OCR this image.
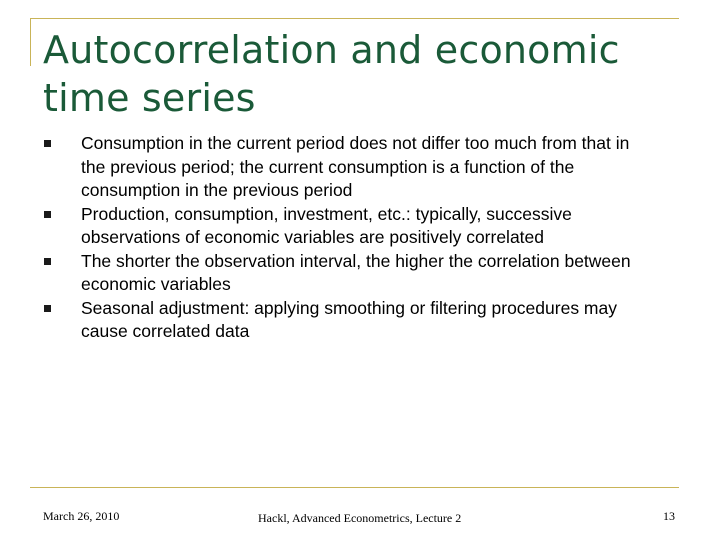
Autocorrelation and economic time series
Consumption in the current period does not differ too much from that in the previous period; the current consumption is a function of the consumption in the previous period
Production, consumption, investment, etc.: typically, successive observations of economic variables are positively correlated
The shorter the observation interval, the higher the correlation between economic variables
Seasonal adjustment: applying smoothing or filtering procedures may cause correlated data
March 26, 2010	Hackl, Advanced Econometrics, Lecture 2	13
